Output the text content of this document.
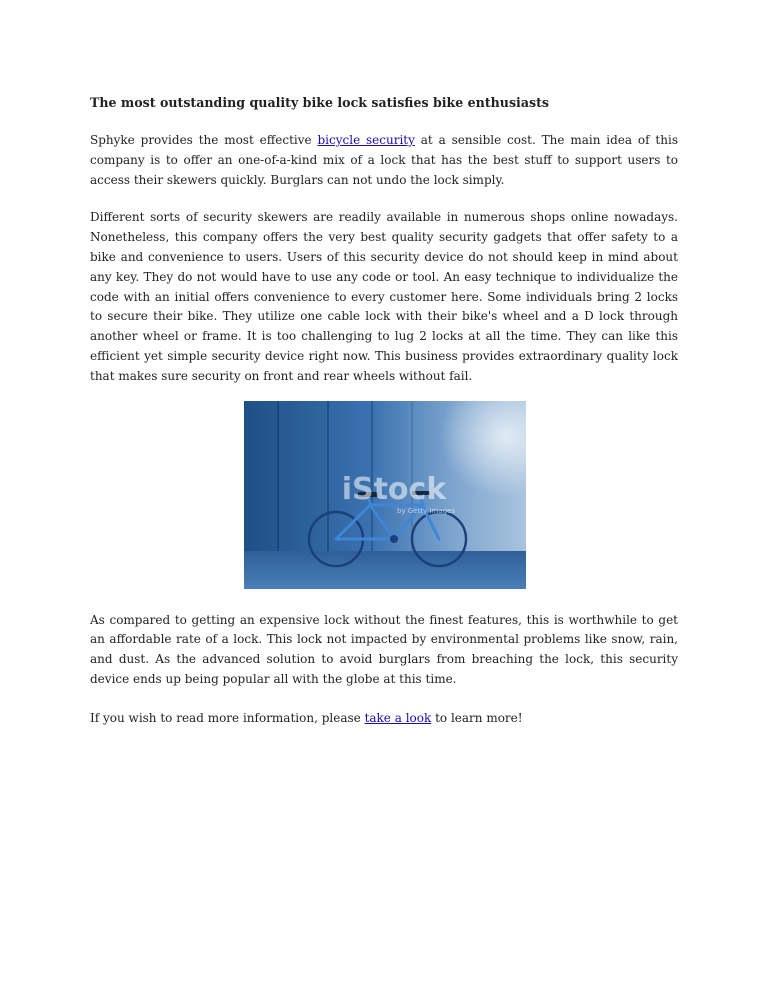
The most outstanding quality bike lock satisfies bike enthusiasts

Sphyke provides the most effective bicycle security at a sensible cost. The main idea of this company is to offer an one-of-a-kind mix of a lock that has the best stuff to support users to access their skewers quickly. Burglars can not undo the lock simply.

Different sorts of security skewers are readily available in numerous shops online nowadays. Nonetheless, this company offers the very best quality security gadgets that offer safety to a bike and convenience to users. Users of this security device do not should keep in mind about any key. They do not would have to use any code or tool. An easy technique to individualize the code with an initial offers convenience to every customer here. Some individuals bring 2 locks to secure their bike. They utilize one cable lock with their bike's wheel and a D lock through another wheel or frame. It is too challenging to lug 2 locks at all the time. They can like this efficient yet simple security device right now. This business provides extraordinary quality lock that makes sure security on front and rear wheels without fail.

iStock
by Getty Images

As compared to getting an expensive lock without the finest features, this is worthwhile to get an affordable rate of a lock. This lock not impacted by environmental problems like snow, rain, and dust. As the advanced solution to avoid burglars from breaching the lock, this security device ends up being popular all with the globe at this time.

If you wish to read more information, please take a look to learn more!
